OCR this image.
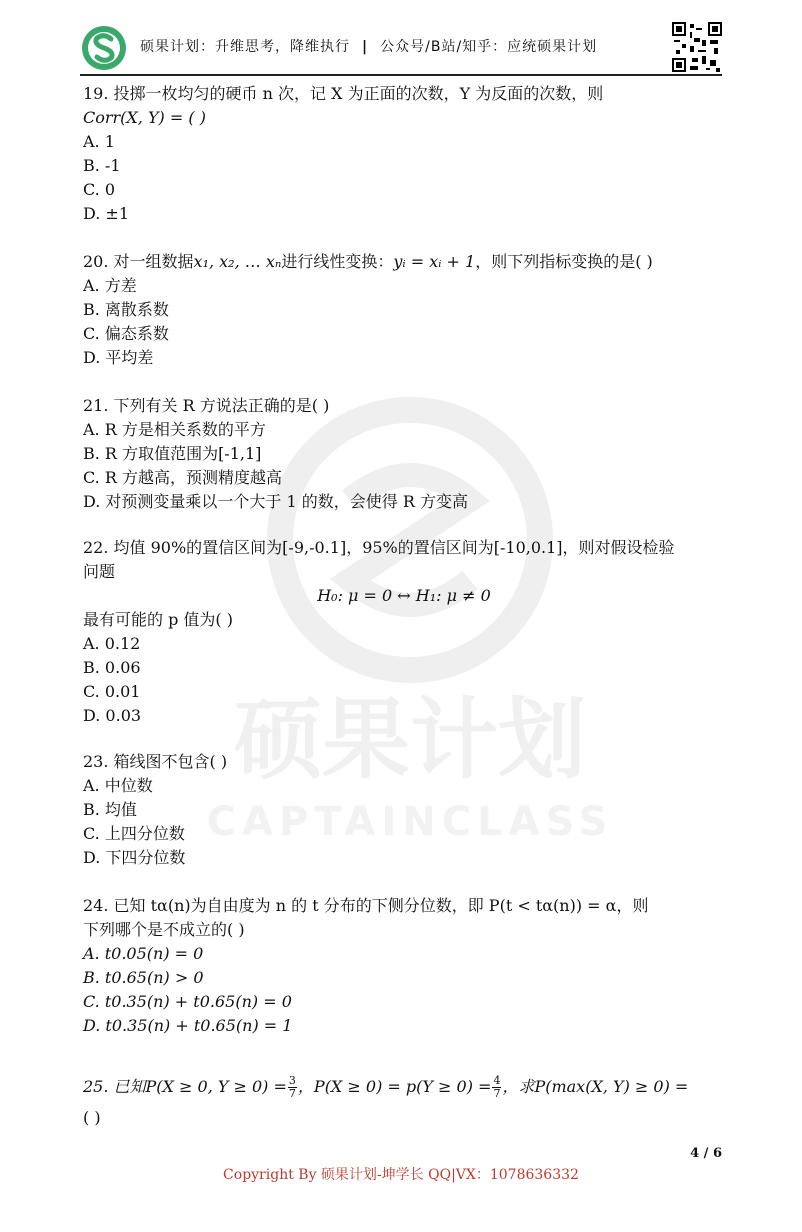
硕果计划
CAPTAINCLASS
硕果计划：升维思考，降维执行 | 公众号/B站/知乎：应统硕果计划

19. 投掷一枚均匀的硬币 n 次，记 X 为正面的次数，Y 为反面的次数，则

Corr(X, Y) = ( )

A. 1

B. -1

C. 0

D. ±1

20. 对一组数据x₁, x₂, … xₙ进行线性变换：yᵢ = xᵢ + 1，则下列指标变换的是( )

A. 方差

B. 离散系数

C. 偏态系数

D. 平均差

21. 下列有关 R 方说法正确的是( )

A. R 方是相关系数的平方

B. R 方取值范围为[-1,1]

C. R 方越高，预测精度越高

D. 对预测变量乘以一个大于 1 的数，会使得 R 方变高

22. 均值 90%的置信区间为[-9,-0.1]，95%的置信区间为[-10,0.1]，则对假设检验

问题

H₀: μ = 0 ↔ H₁: μ ≠ 0

最有可能的 p 值为( )

A. 0.12

B. 0.06

C. 0.01

D. 0.03

23. 箱线图不包含( )

A. 中位数

B. 均值

C. 上四分位数

D. 下四分位数

24. 已知 tα(n)为自由度为 n 的 t 分布的下侧分位数，即 P(t < tα(n)) = α，则

下列哪个是不成立的( )

A. t0.05(n) = 0

B. t0.65(n) > 0

C. t0.35(n) + t0.65(n) = 0

D. t0.35(n) + t0.65(n) = 1

25. 已知P(X ≥ 0, $Y \ge 0) = \frac{3}{7}$ ，$P(X \ge 0) = p(Y \ge 0) = \frac{4}{7}$ ，求P(max(X, Y) ≥ 0) =

( )

4 / 6
Copyright By 硕果计划-坤学长 QQ|VX：1078636332
